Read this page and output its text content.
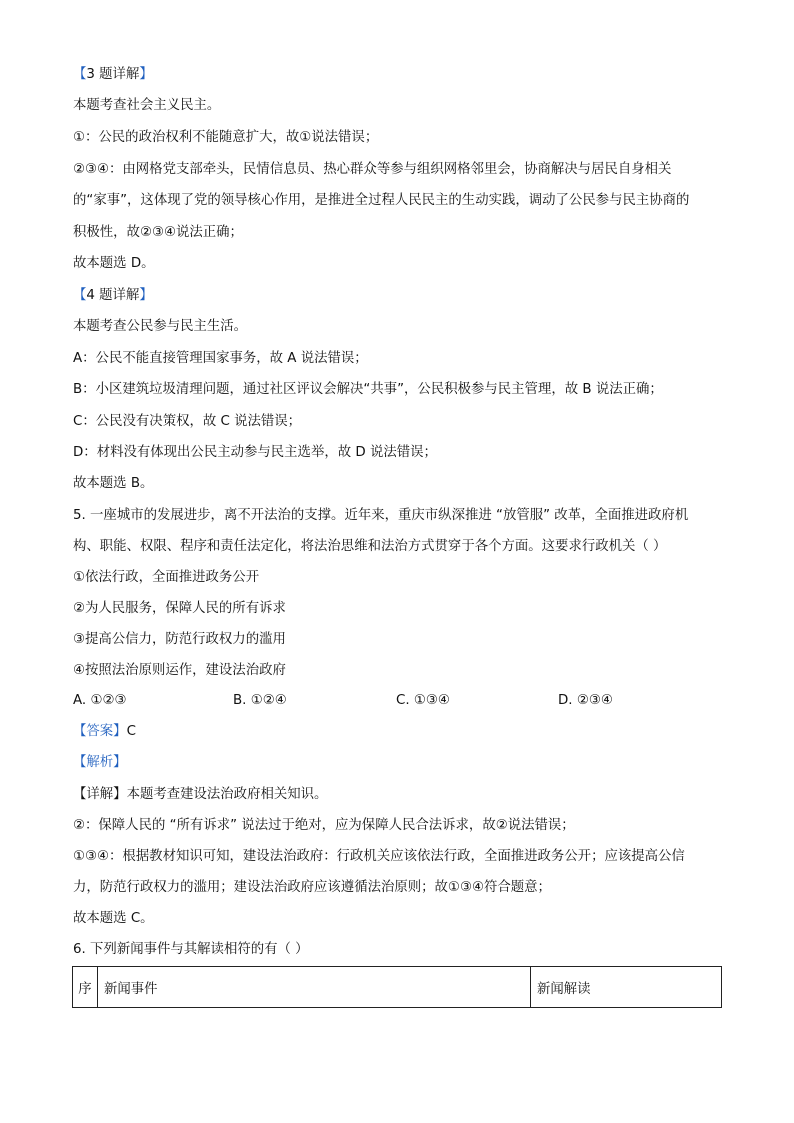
【3 题详解】
本题考查社会主义民主。
①：公民的政治权利不能随意扩大，故①说法错误；
②③④：由网格党支部牵头，民情信息员、热心群众等参与组织网格邻里会，协商解决与居民自身相关
的“家事”，这体现了党的领导核心作用，是推进全过程人民民主的生动实践，调动了公民参与民主协商的
积极性，故②③④说法正确；
故本题选 D。
【4 题详解】
本题考查公民参与民主生活。
A：公民不能直接管理国家事务，故 A 说法错误；
B：小区建筑垃圾清理问题，通过社区评议会解决“共事”，公民积极参与民主管理，故 B 说法正确；
C：公民没有决策权，故 C 说法错误；
D：材料没有体现出公民主动参与民主选举，故 D 说法错误；
故本题选 B。
5. 一座城市的发展进步，离不开法治的支撑。近年来，重庆市纵深推进 “放管服” 改革，全面推进政府机
构、职能、权限、程序和责任法定化，将法治思维和法治方式贯穿于各个方面。这要求行政机关（ ）
①依法行政，全面推进政务公开
②为人民服务，保障人民的所有诉求
③提高公信力，防范行政权力的滥用
④按照法治原则运作，建设法治政府
A. ①②③	B. ①②④	C. ①③④	D. ②③④
【答案】C
【解析】
【详解】本题考查建设法治政府相关知识。
②：保障人民的 “所有诉求” 说法过于绝对，应为保障人民合法诉求，故②说法错误；
①③④：根据教材知识可知，建设法治政府：行政机关应该依法行政，全面推进政务公开；应该提高公信
力，防范行政权力的滥用；建设法治政府应该遵循法治原则；故①③④符合题意；
故本题选 C。
6. 下列新闻事件与其解读相符的有（ ）
序	新闻事件	新闻解读
